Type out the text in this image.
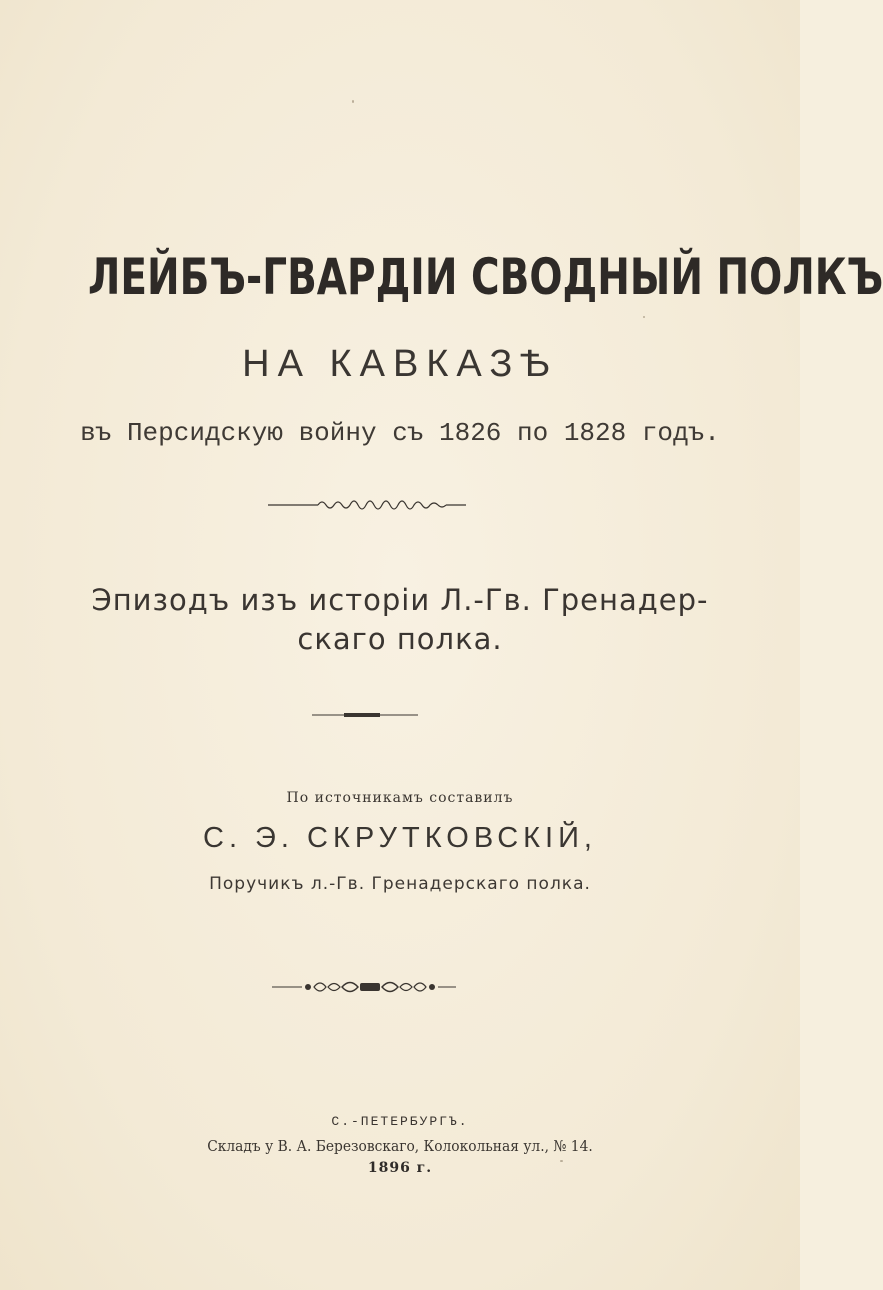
ЛЕЙБЪ-ГВАРДІИ СВОДНЫЙ ПОЛКЪ
НА КАВКАЗѢ
въ Персидскую войну съ 1826 по 1828 годъ.
Эпизодъ изъ исторіи Л.-Гв. Гренадер-
скаго полка.
По источникамъ составилъ
С. Э. СКРУТКОВСКІЙ,
Поручикъ л.-Гв. Гренадерскаго полка.
С.-ПЕТЕРБУРГЪ.
Складъ у В. А. Березовскаго, Колокольная ул., № 14.
1896 г.
